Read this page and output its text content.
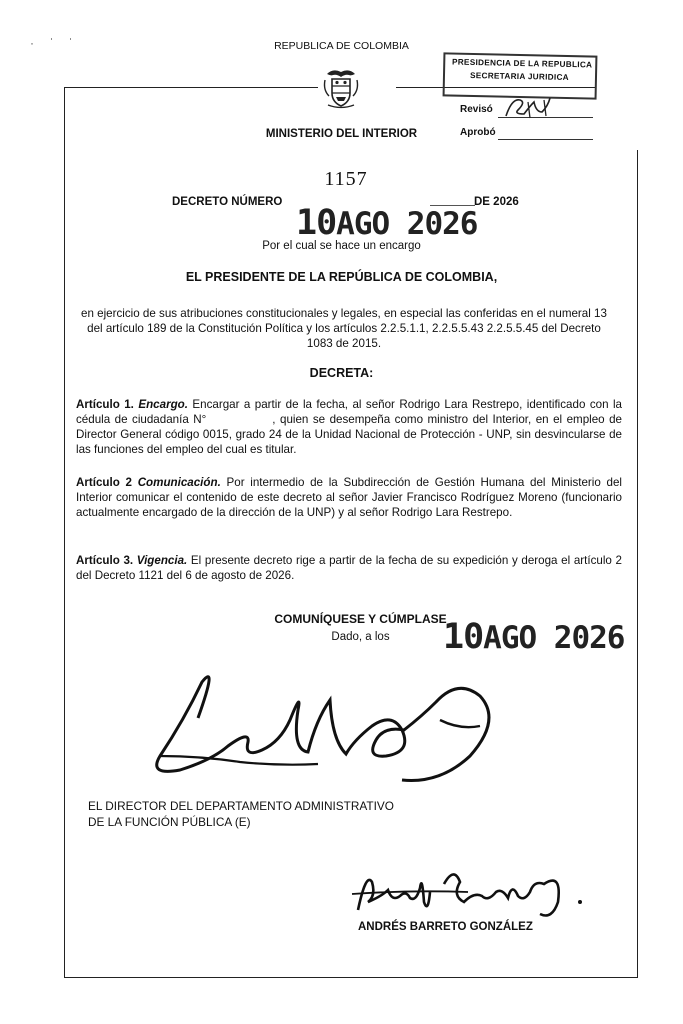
· ˈ ˈ	REPUBLICA DE COLOMBIA
MINISTERIO DEL INTERIOR
PRESIDENCIA DE LA REPUBLICA
SECRETARIA JURIDICA
Revisó
Aprobó
1157
DECRETO NÚMERO	DE 2026
10AGO 2026
Por el cual se hace un encargo
EL PRESIDENTE DE LA REPÚBLICA DE COLOMBIA,
en ejercicio de sus atribuciones constitucionales y legales, en especial las conferidas en el numeral 13 del artículo 189 de la Constitución Política y los artículos 2.2.5.1.1, 2.2.5.5.43 2.2.5.5.45 del Decreto 1083 de 2015.
DECRETA:
Artículo 1. Encargo. Encargar a partir de la fecha, al señor Rodrigo Lara Restrepo, identificado con la cédula de ciudadanía N°	, quien se desempeña como ministro del Interior, en el empleo de Director General código 0015, grado 24 de la Unidad Nacional de Protección - UNP, sin desvincularse de las funciones del empleo del cual es titular.
Artículo 2 Comunicación. Por intermedio de la Subdirección de Gestión Humana del Ministerio del Interior comunicar el contenido de este decreto al señor Javier Francisco Rodríguez Moreno (funcionario actualmente encargado de la dirección de la UNP) y al señor Rodrigo Lara Restrepo.
Artículo 3. Vigencia. El presente decreto rige a partir de la fecha de su expedición y deroga el artículo 2 del Decreto 1121 del 6 de agosto de 2026.
COMUNÍQUESE Y CÚMPLASE
Dado, a los	10AGO 2026
EL DIRECTOR DEL DEPARTAMENTO ADMINISTRATIVO
DE LA FUNCIÓN PÚBLICA (E)
ANDRÉS BARRETO GONZÁLEZ
